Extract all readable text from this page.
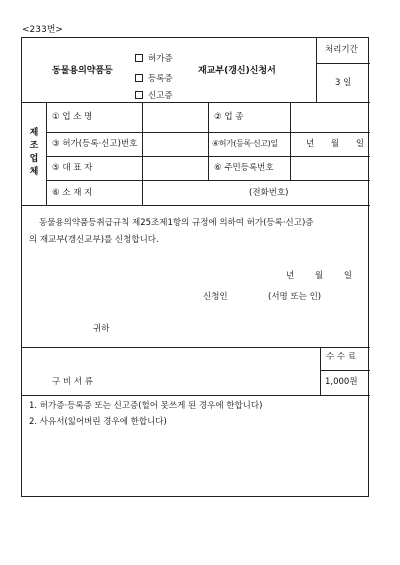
<233번>
동물용의약품등
허가증
등록증
신고증
재교부(갱신)신청서
처리기간
3 일
제
조
업
체
① 업 소 명	② 업 종
③ 허가(등록·신고)번호	④허가(등록·신고)일	년 월 일
⑤ 대 표 자	⑥ 주민등록번호
⑥ 소 재 지	(전화번호)
동물용의약품등취급규칙 제25조제1항의 규정에 의하여 허가(등록·신고)증
의 재교부(갱신교부)를 신청합니다.
년 월 일
신청인	(서명 또는 인)
귀하
수 수 료
1,000원
구 비 서 류
1. 허가증·등록증 또는 신고증(헐어 못쓰게 된 경우에 한합니다)
2. 사유서(잃어버린 경우에 한합니다)
